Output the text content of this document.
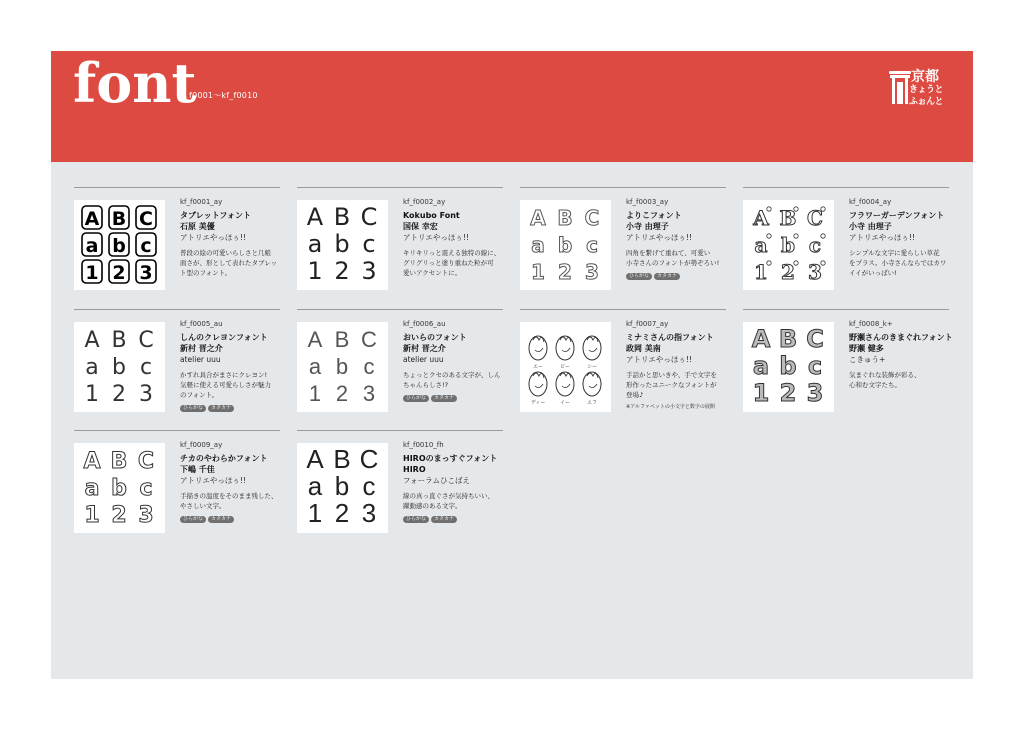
font
kf_f0001～kf_f0010
京都
きょうとふぉんと
A B C
a b c
1 2 3
kf_f0001_ay
タブレットフォント
石原 美優
アトリエやっほぅ!!
普段の絵の可愛いらしさと几帳
面さが、形として表れたタブレッ
ト型のフォント。
A B C
a b c
1 2 3
kf_f0002_ay
Kokubo Font
国保 幸宏
アトリエやっほぅ!!
キリキリっと震える独特の線に、
グリグリっと塗り重ねた粒が可
愛いアクセントに。
A B C
a b c
1 2 3
kf_f0003_ay
よりこフォント
小寺 由理子
アトリエやっほぅ!!
四角を繋げて重ねて、可愛い
小寺さんのフォントが勢ぞろい!
ひらがな カタカナ
A B C
a b c
1 2 3
kf_f0004_ay
フラワーガーデンフォント
小寺 由理子
アトリエやっほぅ!!
シンプルな文字に愛らしい草花
をプラス。小寺さんならではカワ
イイがいっぱい!
A B C
a b c
1 2 3
kf_f0005_au
しんのクレヨンフォント
新村 晋之介
atelier uuu
かすれ具合がまさにクレヨン!
気軽に使える可愛らしさが魅力
のフォント。
ひらがな カタカナ
A B C
a b c
1 2 3
kf_f0006_au
おいらのフォント
新村 晋之介
atelier uuu
ちょっとクセのある文字が、しん
ちゃんらしさ!?
ひらがな カタカナ
エー	ビー	シー
ディー	イー	エフ
kf_f0007_ay
ミナミさんの指フォント
政岡 美南
アトリエやっほぅ!!
手話かと思いきや、手で文字を
形作ったユニークなフォントが
登場♪
※アルファベットの小文字と数字の展開
A B C
a b c
1 2 3
kf_f0008_k+
野瀬さんのきまぐれフォント
野瀬 健多
こきゅう+
気まぐれな装飾が彩る、
心和む文字たち。
A B C
a b c
1 2 3
kf_f0009_ay
チカのやわらかフォント
下嶋 千佳
アトリエやっほぅ!!
手描きの温度をそのまま残した、
やさしい文字。
ひらがな カタカナ
A B C
a b c
1 2 3
kf_f0010_fh
HIROのまっすぐフォント
HIRO
フォーラムひこばえ
線の真っ直ぐさが気持ちいい、
躍動感のある文字。
ひらがな カタカナ
